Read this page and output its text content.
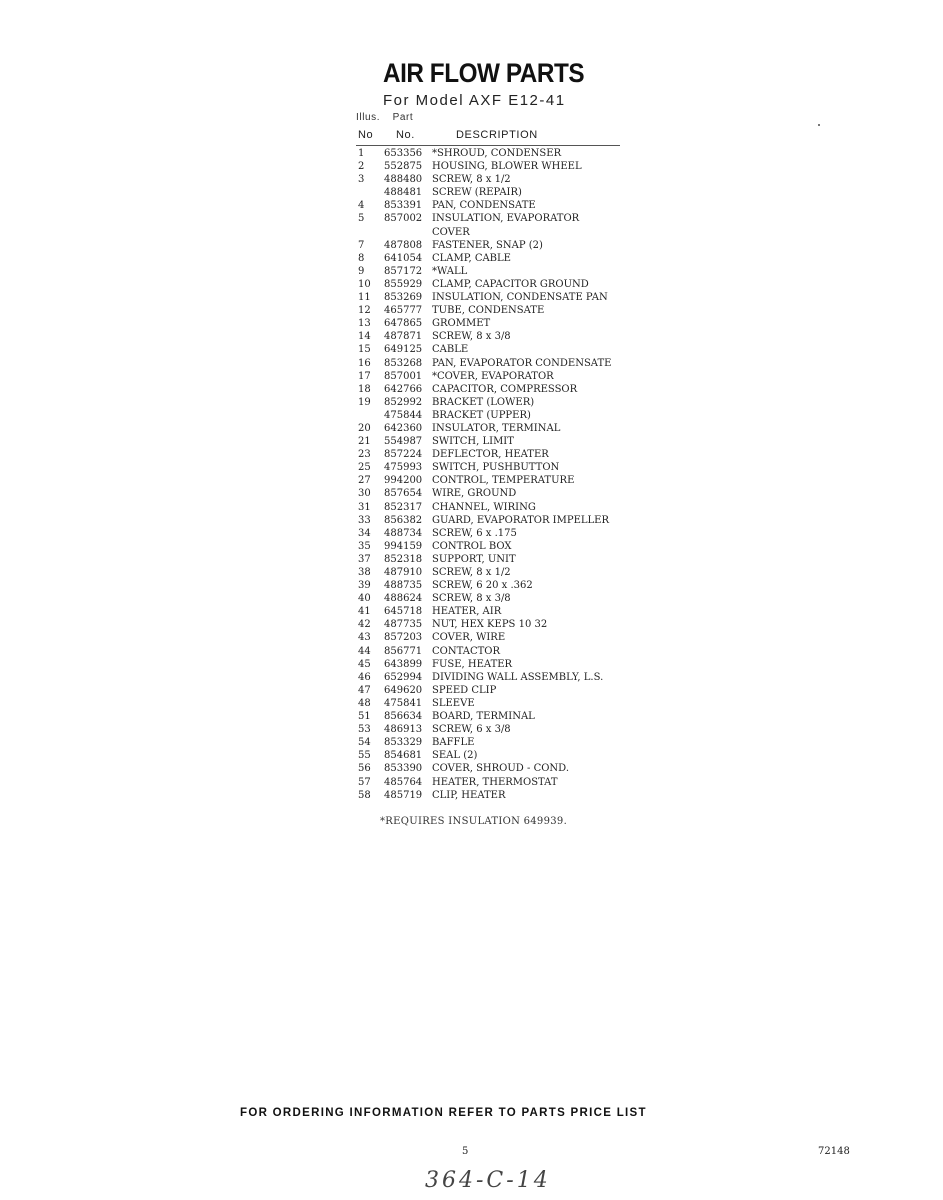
AIR FLOW PARTS
For Model AXF E12-41
Illus. Part
No No.	DESCRIPTION
1	653356 *SHROUD, CONDENSER
2	552875 HOUSING, BLOWER WHEEL
3	488480 SCREW, 8 x 1/2
488481 SCREW (REPAIR)
4	853391 PAN, CONDENSATE
5	857002 INSULATION, EVAPORATOR
COVER
7	487808 FASTENER, SNAP (2)
8	641054 CLAMP, CABLE
9	857172 *WALL
10	855929 CLAMP, CAPACITOR GROUND
11	853269 INSULATION, CONDENSATE PAN
12	465777 TUBE, CONDENSATE
13	647865 GROMMET
14	487871 SCREW, 8 x 3/8
15	649125 CABLE
16	853268 PAN, EVAPORATOR CONDENSATE
17	857001 *COVER, EVAPORATOR
18	642766 CAPACITOR, COMPRESSOR
19	852992 BRACKET (LOWER)
475844 BRACKET (UPPER)
20	642360 INSULATOR, TERMINAL
21	554987 SWITCH, LIMIT
23	857224 DEFLECTOR, HEATER
25	475993 SWITCH, PUSHBUTTON
27	994200 CONTROL, TEMPERATURE
30	857654 WIRE, GROUND
31	852317 CHANNEL, WIRING
33	856382 GUARD, EVAPORATOR IMPELLER
34	488734 SCREW, 6 x .175
35	994159 CONTROL BOX
37	852318 SUPPORT, UNIT
38	487910 SCREW, 8 x 1/2
39	488735 SCREW, 6 20 x .362
40	488624 SCREW, 8 x 3/8
41	645718 HEATER, AIR
42	487735 NUT, HEX KEPS 10 32
43	857203 COVER, WIRE
44	856771 CONTACTOR
45	643899 FUSE, HEATER
46	652994 DIVIDING WALL ASSEMBLY, L.S.
47	649620 SPEED CLIP
48	475841 SLEEVE
51	856634 BOARD, TERMINAL
53	486913 SCREW, 6 x 3/8
54	853329 BAFFLE
55	854681 SEAL (2)
56	853390 COVER, SHROUD - COND.
57	485764 HEATER, THERMOSTAT
58	485719 CLIP, HEATER
*REQUIRES INSULATION 649939.
FOR ORDERING INFORMATION REFER TO PARTS PRICE LIST
5	72148
364-C-14
